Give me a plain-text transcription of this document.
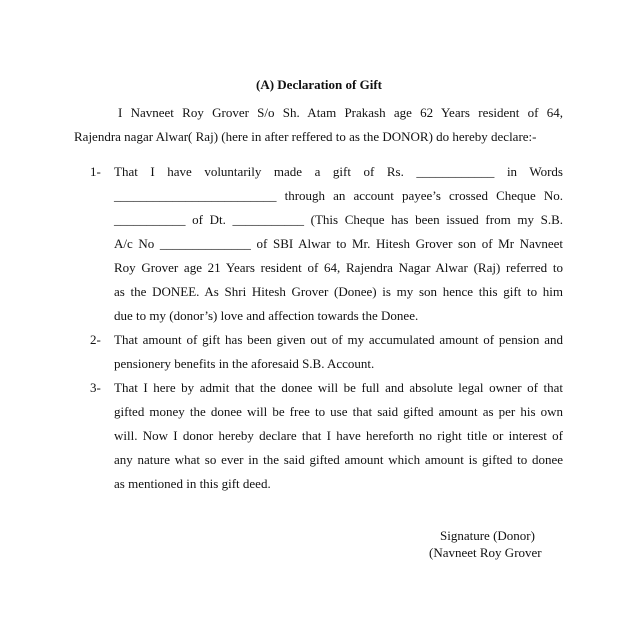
(A) Declaration of Gift
I Navneet Roy Grover S/o Sh. Atam Prakash age 62 Years resident of 64,
Rajendra nagar Alwar( Raj) (here in after reffered to as the DONOR) do hereby declare:-
1- That I have voluntarily made a gift of Rs. ____________ in Words
_________________________ through an account payee’s crossed Cheque No.
___________ of Dt. ___________ (This Cheque has been issued from my S.B.
A/c No ______________ of SBI Alwar to Mr. Hitesh Grover son of Mr Navneet
Roy Grover age 21 Years resident of 64, Rajendra Nagar Alwar (Raj) referred to
as the DONEE. As Shri Hitesh Grover (Donee) is my son hence this gift to him
due to my (donor’s) love and affection towards the Donee.
2- That amount of gift has been given out of my accumulated amount of pension and
pensionery benefits in the aforesaid S.B. Account.
3- That I here by admit that the donee will be full and absolute legal owner of that
gifted money the donee will be free to use that said gifted amount as per his own
will. Now I donor hereby declare that I have hereforth no right title or interest of
any nature what so ever in the said gifted amount which amount is gifted to donee
as mentioned in this gift deed.
Signature (Donor)
(Navneet Roy Grover
